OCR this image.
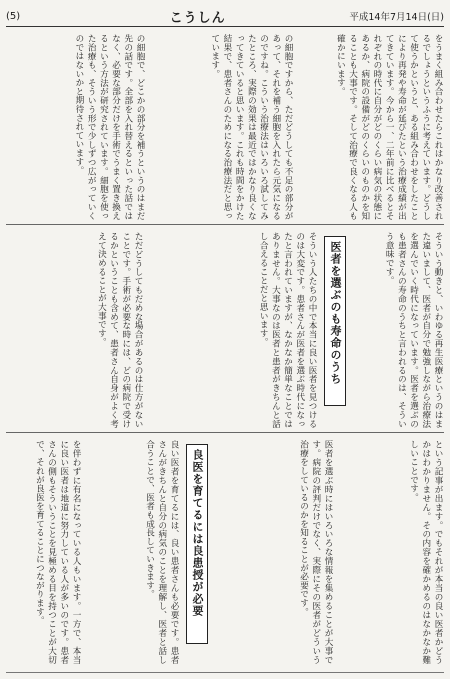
(5)	こうしん	平成14年7月14日(日)

をうまく組み合わせたらこれはかなり改善されるでしょうというふうに考えています。どうして使うかというと、ある組み合わせをしたことにより再発や寿命が延びたという治療成績が出てきています。今から一、二年前に比べるとそれぞれの時代に自分がどのくらい病気の状態にあるか、病院の設備がどのくらいのものかを知ることも大事です。そして治療で良くなる人も確かにいます。

の細胞ですから、ただどうしても不足の部分があって、それを補う細胞を入れたら元気になるのですね。こういう治療法はいろいろ試してみたところ、実際の効果は最近ではかなり良くなってきていると思います。これも時間をかけた結果で、患者さんのためになる治療法だと思っています。

の細胞で、どこかの部分を補うというのはまだ先の話です。全部を入れ替えるといった話ではなく、必要な部分だけを手術でうまく置き換えるという方法が研究されています。細胞を使った治療も、そういう形で少しずつ広がっていくのではないかと期待されています。

医者を選ぶのも寿命のうち	そういう動きと、いわゆる再生医療というのはまた違いまして、医者が自分で勉強しながら治療法を選んでいく時代になっています。医者を選ぶのも患者さんの寿命のうちと言われるのは、そういう意味です。

そういう人たちの中で本当に良い医者を見つけるのは大変です。患者さんが医者を選ぶ時代になったと言われていますが、なかなか簡単なことではありません。大事なのは医者と患者がきちんと話し合えることだと思います。

ただどうしてもだめな場合があるのは仕方がないことです。手術が必要な時には、どの病院で受けるかということも含めて、患者さん自身がよく考えて決めることが大事です。

という記事が出ます。でもそれが本当の良い医者かどうかはわかりません。その内容を確かめるのはなかなか難しいことです。

医者を選ぶ時にはいろいろな情報を集めることが大事です。病院の評判だけでなく、実際にその医者がどういう治療をしているのかを知ることが必要です。

良医を育てるには良患授が必要

良い医者を育てるには、良い患者さんも必要です。患者さんがきちんと自分の病気のことを理解し、医者と話し合うことで、医者も成長していきます。

を伴わずに有名になっている人もいます。一方で、本当に良い医者は地道に努力している人が多いのです。患者さんの側もそういうことを見極める目を持つことが大切で、それが良医を育てることにつながります。
